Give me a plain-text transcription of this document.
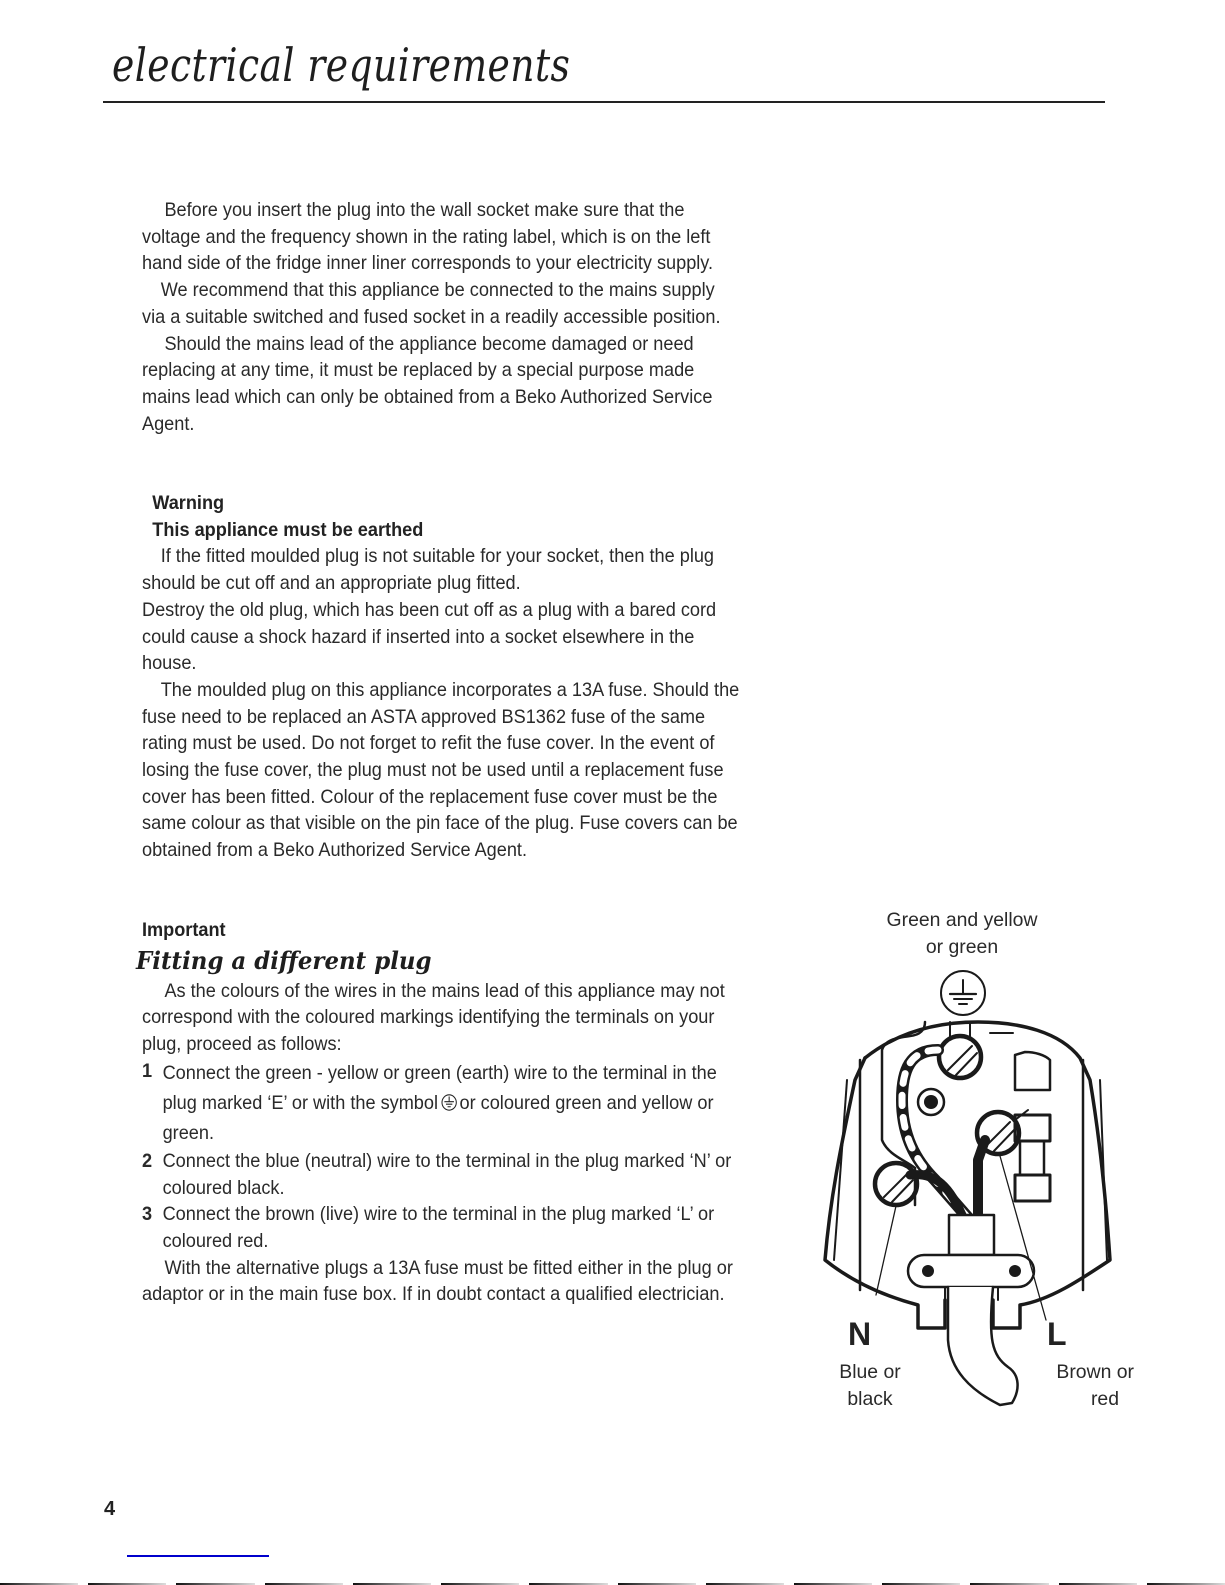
electrical requirements

Before you insert the plug into the wall socket make sure that the voltage and the frequency shown in the rating label, which is on the left hand side of the fridge inner liner corresponds to your electricity supply.

We recommend that this appliance be connected to the mains supply via a suitable switched and fused socket in a readily accessible position.

Should the mains lead of the appliance become damaged or need replacing at any time, it must be replaced by a special purpose made mains lead which can only be obtained from a Beko Authorized Service Agent.

Warning

This appliance must be earthed

If the fitted moulded plug is not suitable for your socket, then the plug should be cut off and an appropriate plug fitted.

Destroy the old plug, which has been cut off as a plug with a bared cord could cause a shock hazard if inserted into a socket elsewhere in the house.

The moulded plug on this appliance incorporates a 13A fuse. Should the fuse need to be replaced an ASTA approved BS1362 fuse of the same rating must be used. Do not forget to refit the fuse cover. In the event of losing the fuse cover, the plug must not be used until a replacement fuse cover has been fitted. Colour of the replacement fuse cover must be the same colour as that visible on the pin face of the plug. Fuse covers can be obtained from a Beko Authorized Service Agent.

Important

Fitting a different plug

As the colours of the wires in the mains lead of this appliance may not correspond with the coloured markings identifying the terminals on your plug, proceed as follows:

1 Connect the green - yellow or green (earth) wire to the terminal in the plug marked ‘E’ or with the symbol or coloured green and yellow or green.
2 Connect the blue (neutral) wire to the terminal in the plug marked ‘N’ or coloured black.
3 Connect the brown (live) wire to the terminal in the plug marked ‘L’ or coloured red.

With the alternative plugs a 13A fuse must be fitted either in the plug or adaptor or in the main fuse box. If in doubt contact a qualified electrician.

Green and yellow
or green
N
Blue or
black
L
Brown or
red
4
